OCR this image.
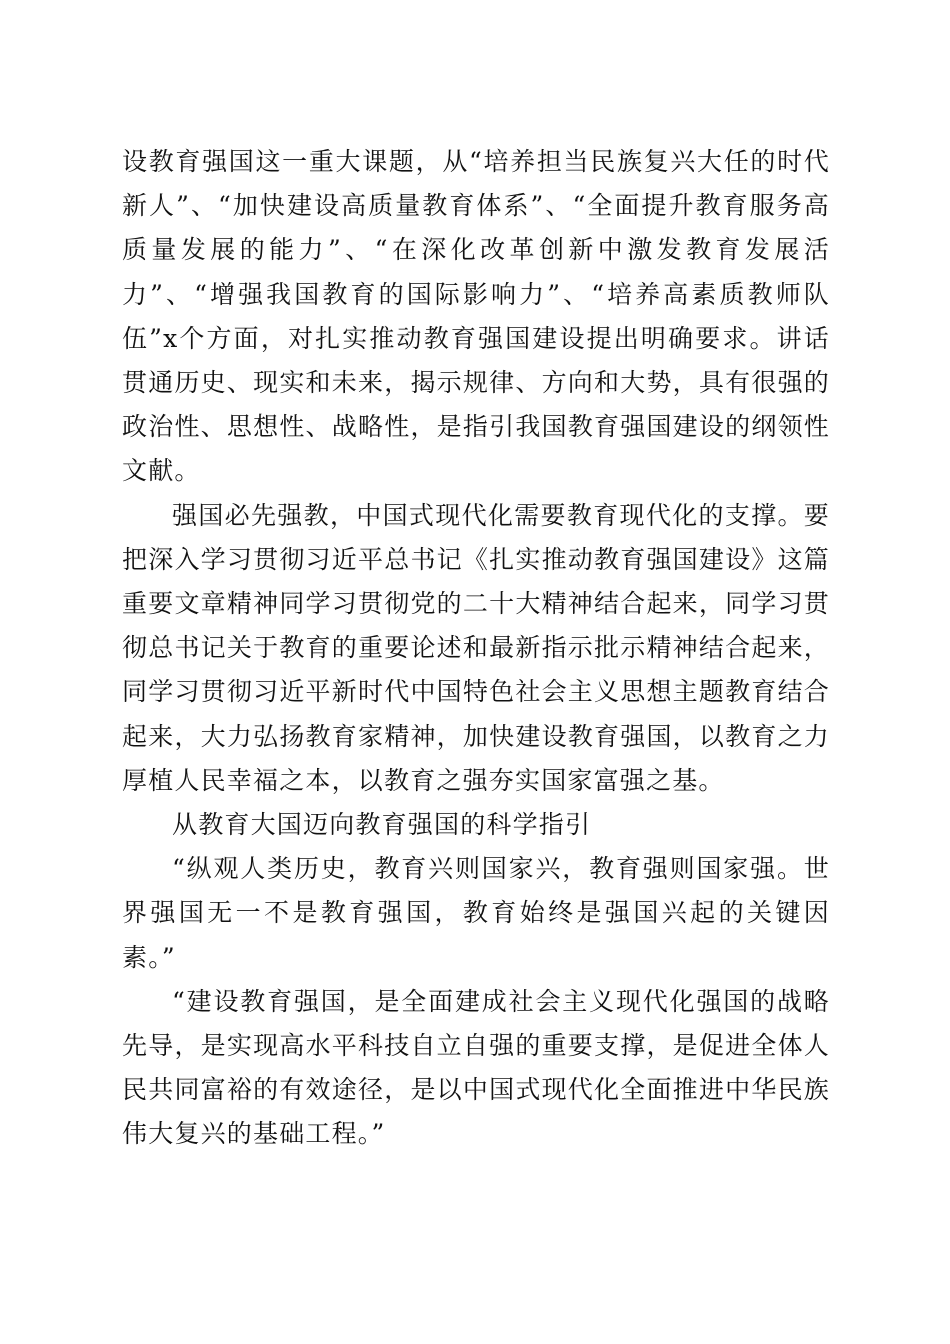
设教育强国这一重大课题，从“培养担当民族复兴大任的时代新人”、“加快建设高质量教育体系”、“全面提升教育服务高质量发展的能力”、“在深化改革创新中激发教育发展活力”、“增强我国教育的国际影响力”、“培养高素质教师队伍”x个方面，对扎实推动教育强国建设提出明确要求。讲话贯通历史、现实和未来，揭示规律、方向和大势，具有很强的政治性、思想性、战略性，是指引我国教育强国建设的纲领性文献。

强国必先强教，中国式现代化需要教育现代化的支撑。要把深入学习贯彻习近平总书记《扎实推动教育强国建设》这篇重要文章精神同学习贯彻党的二十大精神结合起来，同学习贯彻总书记关于教育的重要论述和最新指示批示精神结合起来，同学习贯彻习近平新时代中国特色社会主义思想主题教育结合起来，大力弘扬教育家精神，加快建设教育强国，以教育之力厚植人民幸福之本，以教育之强夯实国家富强之基。

从教育大国迈向教育强国的科学指引

“纵观人类历史，教育兴则国家兴，教育强则国家强。世界强国无一不是教育强国，教育始终是强国兴起的关键因素。”

“建设教育强国，是全面建成社会主义现代化强国的战略先导，是实现高水平科技自立自强的重要支撑，是促进全体人民共同富裕的有效途径，是以中国式现代化全面推进中华民族伟大复兴的基础工程。”
